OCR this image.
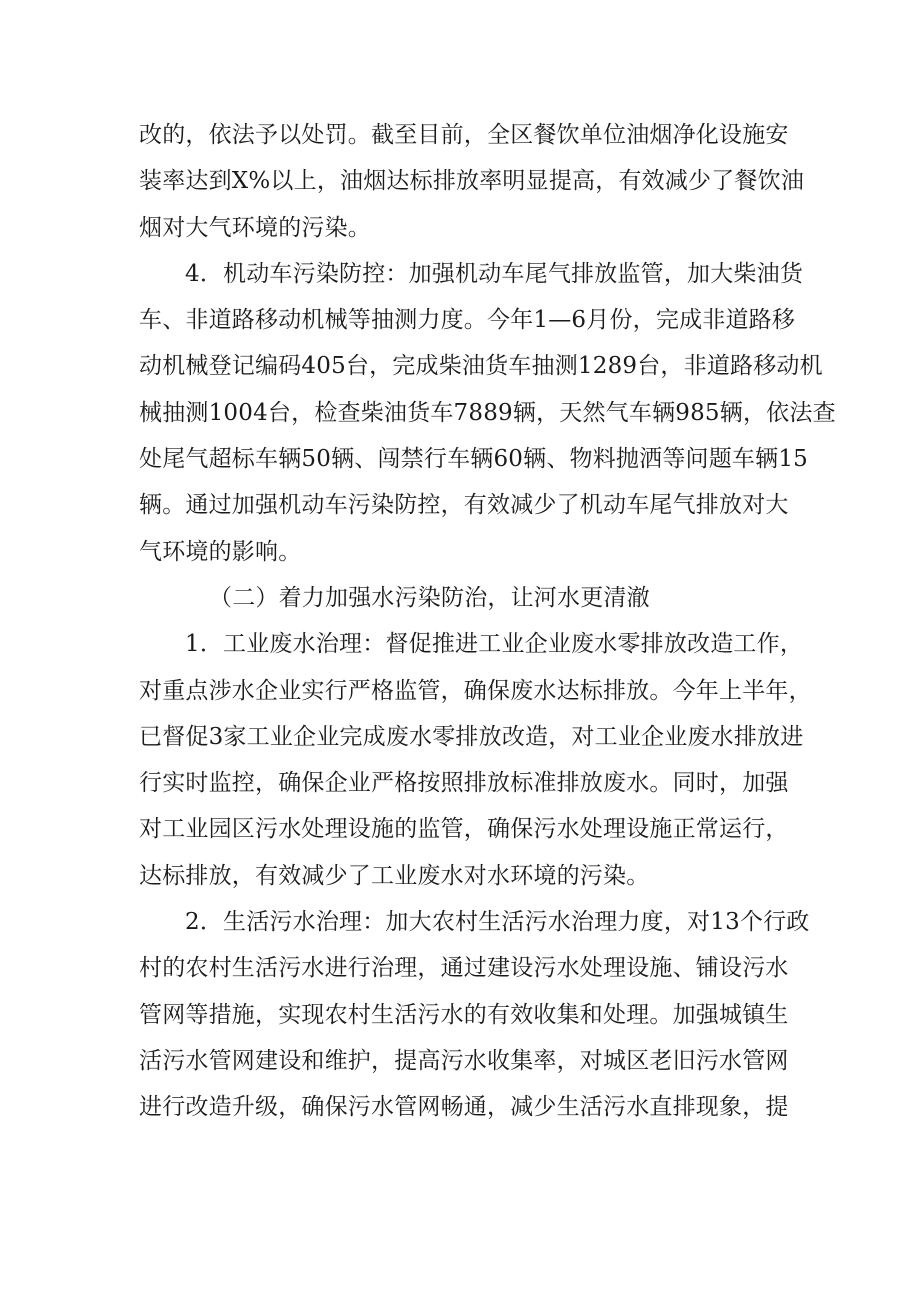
改的，依法予以处罚。截至目前，全区餐饮单位油烟净化设施安
装率达到X%以上，油烟达标排放率明显提高，有效减少了餐饮油
烟对大气环境的污染。
4．机动车污染防控：加强机动车尾气排放监管，加大柴油货
车、非道路移动机械等抽测力度。今年1—6月份，完成非道路移
动机械登记编码405台，完成柴油货车抽测1289台，非道路移动机
械抽测1004台，检查柴油货车7889辆，天然气车辆985辆，依法查
处尾气超标车辆50辆、闯禁行车辆60辆、物料抛洒等问题车辆15
辆。通过加强机动车污染防控，有效减少了机动车尾气排放对大
气环境的影响。
（二）着力加强水污染防治，让河水更清澈
1．工业废水治理：督促推进工业企业废水零排放改造工作，
对重点涉水企业实行严格监管，确保废水达标排放。今年上半年，
已督促3家工业企业完成废水零排放改造，对工业企业废水排放进
行实时监控，确保企业严格按照排放标准排放废水。同时，加强
对工业园区污水处理设施的监管，确保污水处理设施正常运行，
达标排放，有效减少了工业废水对水环境的污染。
2．生活污水治理：加大农村生活污水治理力度，对13个行政
村的农村生活污水进行治理，通过建设污水处理设施、铺设污水
管网等措施，实现农村生活污水的有效收集和处理。加强城镇生
活污水管网建设和维护，提高污水收集率，对城区老旧污水管网
进行改造升级，确保污水管网畅通，减少生活污水直排现象，提
